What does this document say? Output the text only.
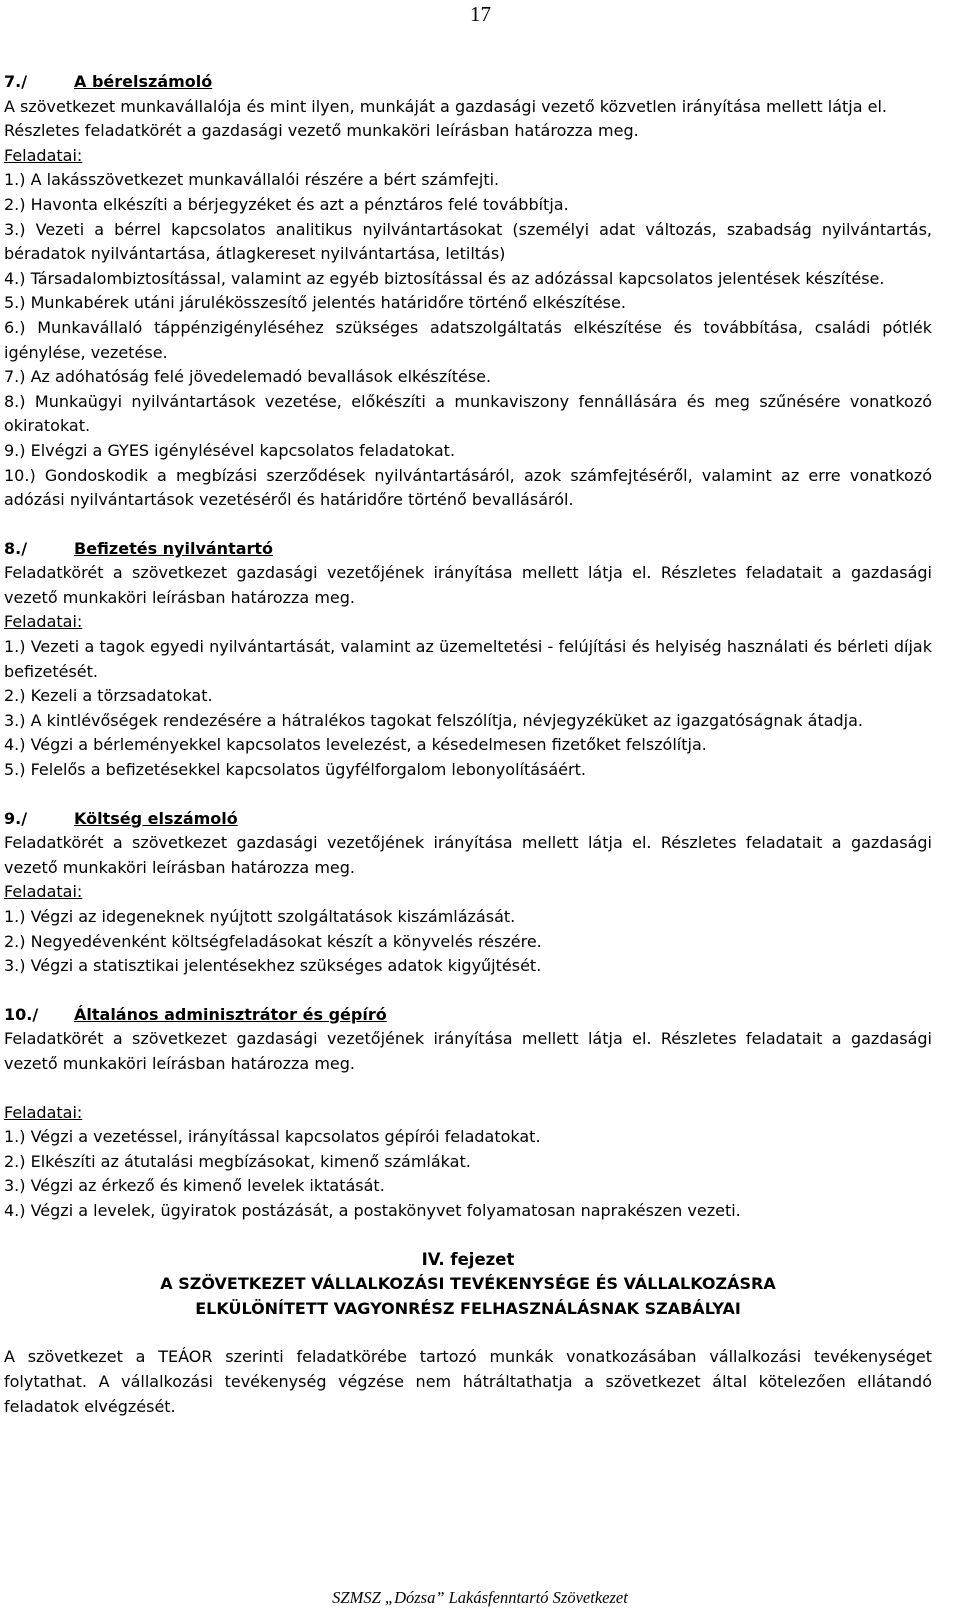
17

7./	A bérelszámoló

A szövetkezet munkavállalója és mint ilyen, munkáját a gazdasági vezető közvetlen irányítása mellett látja el.

Részletes feladatkörét a gazdasági vezető munkaköri leírásban határozza meg.

Feladatai:

1.) A lakásszövetkezet munkavállalói részére a bért számfejti.

2.) Havonta elkészíti a bérjegyzéket és azt a pénztáros felé továbbítja.

3.) Vezeti a bérrel kapcsolatos analitikus nyilvántartásokat (személyi adat változás, szabadság nyilvántartás, béradatok nyilvántartása, átlagkereset nyilvántartása, letiltás)

4.) Társadalombiztosítással, valamint az egyéb biztosítással és az adózással kapcsolatos jelentések készítése.

5.) Munkabérek utáni járulékösszesítő jelentés határidőre történő elkészítése.

6.) Munkavállaló táppénzigényléséhez szükséges adatszolgáltatás elkészítése és továbbítása, családi pótlék igénylése, vezetése.

7.) Az adóhatóság felé jövedelemadó bevallások elkészítése.

8.) Munkaügyi nyilvántartások vezetése, előkészíti a munkaviszony fennállására és meg szűnésére vonatkozó okiratokat.

9.) Elvégzi a GYES igénylésével kapcsolatos feladatokat.

10.) Gondoskodik a megbízási szerződések nyilvántartásáról, azok számfejtéséről, valamint az erre vonatkozó adózási nyilvántartások vezetéséről és határidőre történő bevallásáról.

8./	Befizetés nyilvántartó

Feladatkörét a szövetkezet gazdasági vezetőjének irányítása mellett látja el. Részletes feladatait a gazdasági vezető munkaköri leírásban határozza meg.

Feladatai:

1.) Vezeti a tagok egyedi nyilvántartását, valamint az üzemeltetési - felújítási és helyiség használati és bérleti díjak befizetését.

2.) Kezeli a törzsadatokat.

3.) A kintlévőségek rendezésére a hátralékos tagokat felszólítja, névjegyzéküket az igazgatóságnak átadja.

4.) Végzi a bérleményekkel kapcsolatos levelezést, a késedelmesen fizetőket felszólítja.

5.) Felelős a befizetésekkel kapcsolatos ügyfélforgalom lebonyolításáért.

9./	Költség elszámoló

Feladatkörét a szövetkezet gazdasági vezetőjének irányítása mellett látja el. Részletes feladatait a gazdasági vezető munkaköri leírásban határozza meg.

Feladatai:

1.) Végzi az idegeneknek nyújtott szolgáltatások kiszámlázását.

2.) Negyedévenként költségfeladásokat készít a könyvelés részére.

3.) Végzi a statisztikai jelentésekhez szükséges adatok kigyűjtését.

10./ Általános adminisztrátor és gépíró

Feladatkörét a szövetkezet gazdasági vezetőjének irányítása mellett látja el. Részletes feladatait a gazdasági vezető munkaköri leírásban határozza meg.

Feladatai:

1.) Végzi a vezetéssel, irányítással kapcsolatos gépírói feladatokat.

2.) Elkészíti az átutalási megbízásokat, kimenő számlákat.

3.) Végzi az érkező és kimenő levelek iktatását.

4.) Végzi a levelek, ügyiratok postázását, a postakönyvet folyamatosan naprakészen vezeti.

IV. fejezet

A SZÖVETKEZET VÁLLALKOZÁSI TEVÉKENYSÉGE ÉS VÁLLALKOZÁSRA

ELKÜLÖNÍTETT VAGYONRÉSZ FELHASZNÁLÁSNAK SZABÁLYAI

A szövetkezet a TEÁOR szerinti feladatkörébe tartozó munkák vonatkozásában vállalkozási tevékenységet folytathat. A vállalkozási tevékenység végzése nem hátráltathatja a szövetkezet által kötelezően ellátandó feladatok elvégzését.

SZMSZ „Dózsa” Lakásfenntartó Szövetkezet
